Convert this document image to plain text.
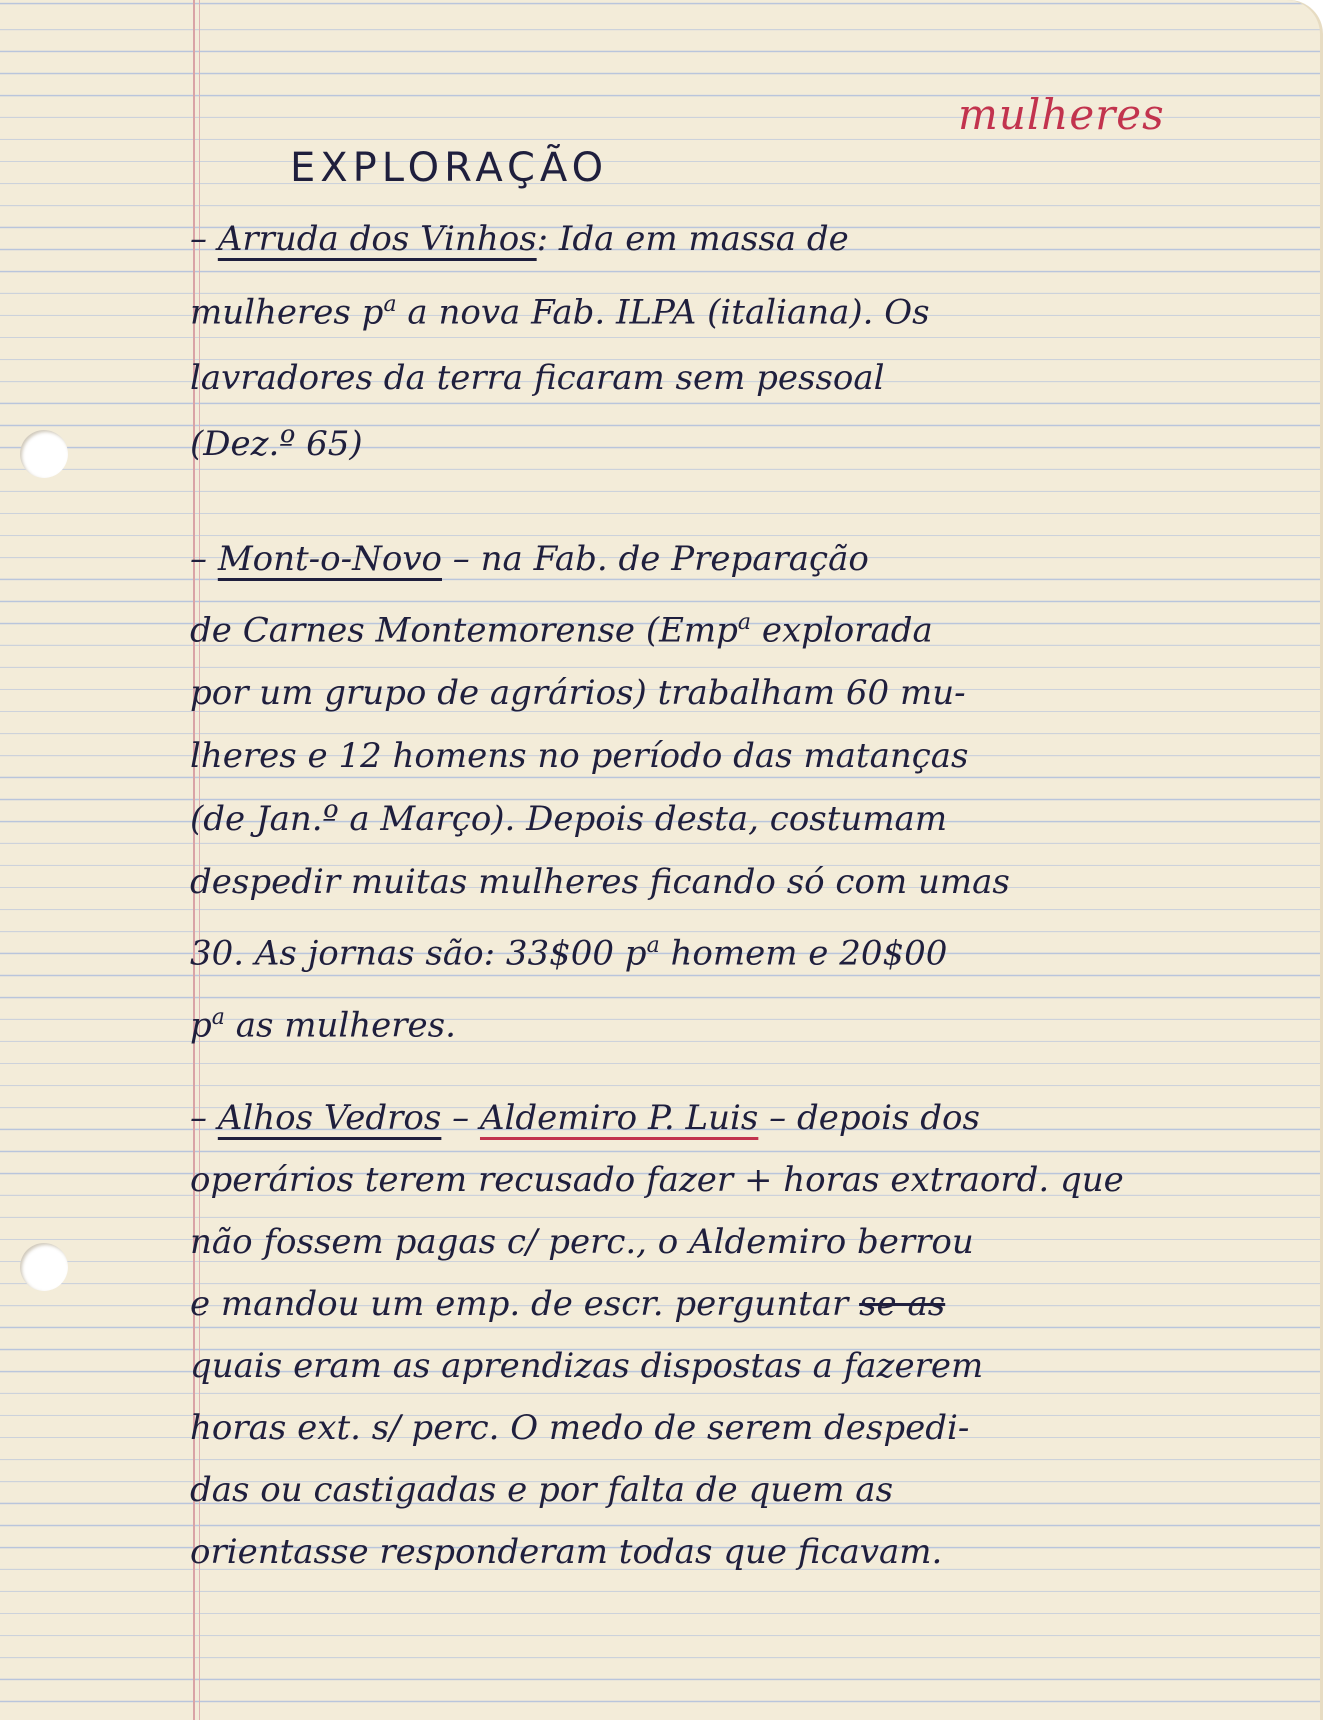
mulheres
EXPLORAÇÃO
– Arruda dos Vinhos: Ida em massa de
mulheres $p^a$ a nova Fab. ILPA (italiana). Os
lavradores da terra ficaram sem pessoal
(Dez.º 65)
– Mont-o-Novo – na Fab. de Preparação
de Carnes Montemorense (Emp$^a$ explorada
por um grupo de agrários) trabalham 60 mu-
lheres e 12 homens no período das matanças
(de Jan.º a Março). Depois desta, costumam
despedir muitas mulheres ficando só com umas
30. As jornas são: 33$00 $p^a$ homem e 20$00
$p^a$ as mulheres.
– Alhos Vedros – Aldemiro P. Luis – depois dos
operários terem recusado fazer + horas extraord. que
não fossem pagas c/ perc., o Aldemiro berrou
e mandou um emp. de escr. perguntar se as
quais eram as aprendizas dispostas a fazerem
horas ext. s/ perc. O medo de serem despedi-
das ou castigadas e por falta de quem as
orientasse responderam todas que ficavam.
